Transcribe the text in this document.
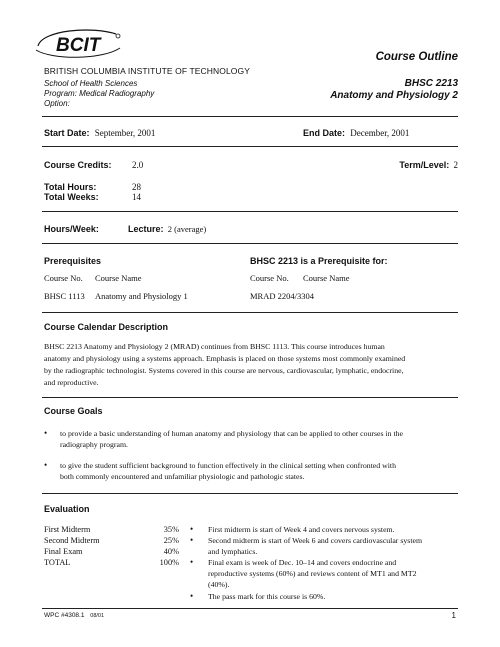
BCIT
BRITISH COLUMBIA INSTITUTE OF TECHNOLOGY
School of Health Sciences
Program: Medical Radiography
Option:
Course Outline
BHSC 2213
Anatomy and Physiology 2
Start Date: September, 2001	End Date: December, 2001
Course Credits: 2.0	Term/Level: 2
Total Hours:	28
Total Weeks:	14
Hours/Week:	Lecture: 2 (average)
Prerequisites	BHSC 2213 is a Prerequisite for:
Course No. Course Name	Course No. Course Name
BHSC 1113 Anatomy and Physiology 1	MRAD 2204/3304
Course Calendar Description
BHSC 2213 Anatomy and Physiology 2 (MRAD) continues from BHSC 1113. This course introduces human
anatomy and physiology using a systems approach. Emphasis is placed on those systems most commonly examined
by the radiographic technologist. Systems covered in this course are nervous, cardiovascular, lymphatic, endocrine,
and reproductive.
Course Goals
• to provide a basic understanding of human anatomy and physiology that can be applied to other courses in the
radiography program.
• to give the student sufficient background to function effectively in the clinical setting when confronted with
both commonly encountered and unfamiliar physiologic and pathologic states.
Evaluation
First Midterm	35%
Second Midterm	25%
Final Exam	40%
TOTAL	100%
• First midterm is start of Week 4 and covers nervous system.
• Second midterm is start of Week 6 and covers cardiovascular system
and lymphatics.
• Final exam is week of Dec. 10–14 and covers endocrine and
reproductive systems (60%) and reviews content of MT1 and MT2
(40%).
• The pass mark for this course is 60%.
WPC #4308.1 08/01	1
